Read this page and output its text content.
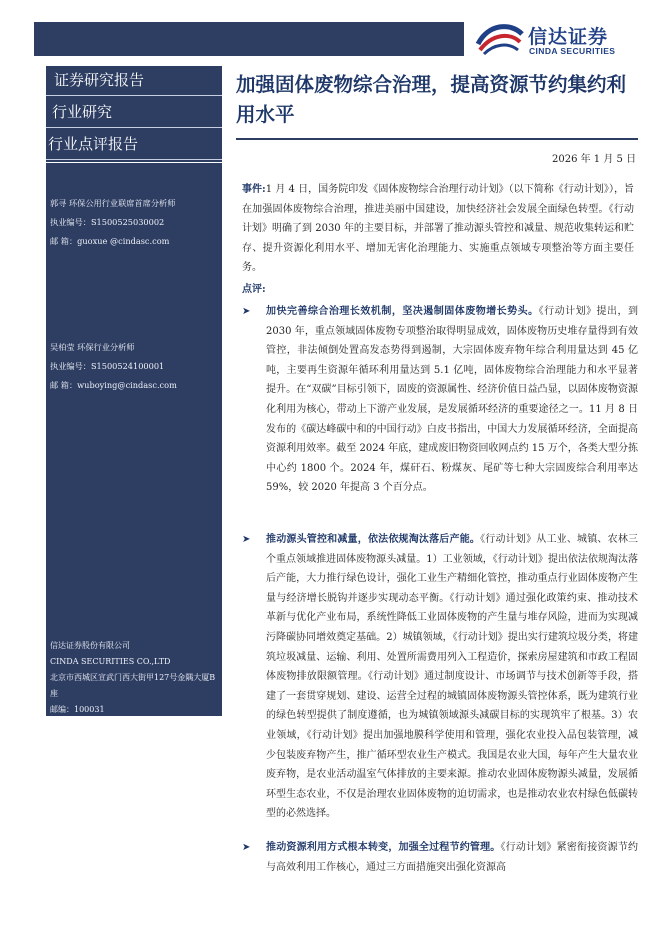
信达证券
CINDA SECURITIES
证券研究报告
行业研究
行业点评报告
郭寻 环保公用行业联席首席分析师
执业编号：S1500525030002
邮 箱：guoxue @cindasc.com
吴柏莹 环保行业分析师
执业编号：S1500524100001
邮 箱：wuboying@cindasc.com
信达证券股份有限公司
CINDA SECURITIES CO.,LTD
北京市西城区宣武门西大街甲127号金隅大厦B座
邮编：100031
加强固体废物综合治理，提高资源节约集约利用水平
2026 年 1 月 5 日
事件:1 月 4 日，国务院印发《固体废物综合治理行动计划》（以下简称《行动计划》），旨在加强固体废物综合治理，推进美丽中国建设，加快经济社会发展全面绿色转型。《行动计划》明确了到 2030 年的主要目标，并部署了推动源头管控和减量、规范收集转运和贮存、提升资源化利用水平、增加无害化治理能力、实施重点领域专项整治等方面主要任务。
点评:
➤	加快完善综合治理长效机制，坚决遏制固体废物增长势头。《行动计划》提出，到 2030 年，重点领域固体废物专项整治取得明显成效，固体废物历史堆存量得到有效管控，非法倾倒处置高发态势得到遏制，大宗固体废弃物年综合利用量达到 45 亿吨，主要再生资源年循环利用量达到 5.1 亿吨，固体废物综合治理能力和水平显著提升。在“双碳”目标引领下，固废的资源属性、经济价值日益凸显，以固体废物资源化利用为核心，带动上下游产业发展，是发展循环经济的重要途径之一。11 月 8 日发布的《碳达峰碳中和的中国行动》白皮书指出，中国大力发展循环经济，全面提高资源利用效率。截至 2024 年底，建成废旧物资回收网点约 15 万个，各类大型分拣中心约 1800 个。2024 年，煤矸石、粉煤灰、尾矿等七种大宗固废综合利用率达 59%，较 2020 年提高 3 个百分点。
➤	推动源头管控和减量，依法依规淘汰落后产能。《行动计划》从工业、城镇、农林三个重点领域推进固体废物源头减量。1）工业领域，《行动计划》提出依法依规淘汰落后产能，大力推行绿色设计，强化工业生产精细化管控，推动重点行业固体废物产生量与经济增长脱钩并逐步实现动态平衡。《行动计划》通过强化政策约束、推动技术革新与优化产业布局，系统性降低工业固体废物的产生量与堆存风险，进而为实现减污降碳协同增效奠定基础。2）城镇领域，《行动计划》提出实行建筑垃圾分类，将建筑垃圾减量、运输、利用、处置所需费用列入工程造价，探索房屋建筑和市政工程固体废物排放限额管理。《行动计划》通过制度设计、市场调节与技术创新等手段，搭建了一套贯穿规划、建设、运营全过程的城镇固体废物源头管控体系，既为建筑行业的绿色转型提供了制度遵循，也为城镇领域源头减碳目标的实现筑牢了根基。3）农业领域，《行动计划》提出加强地膜科学使用和管理，强化农业投入品包装管理，减少包装废弃物产生，推广循环型农业生产模式。我国是农业大国，每年产生大量农业废弃物，是农业活动温室气体排放的主要来源。推动农业固体废物源头减量，发展循环型生态农业，不仅是治理农业固体废物的迫切需求，也是推动农业农村绿色低碳转型的必然选择。
➤	推动资源利用方式根本转变，加强全过程节约管理。《行动计划》紧密衔接资源节约与高效利用工作核心，通过三方面措施突出强化资源高
